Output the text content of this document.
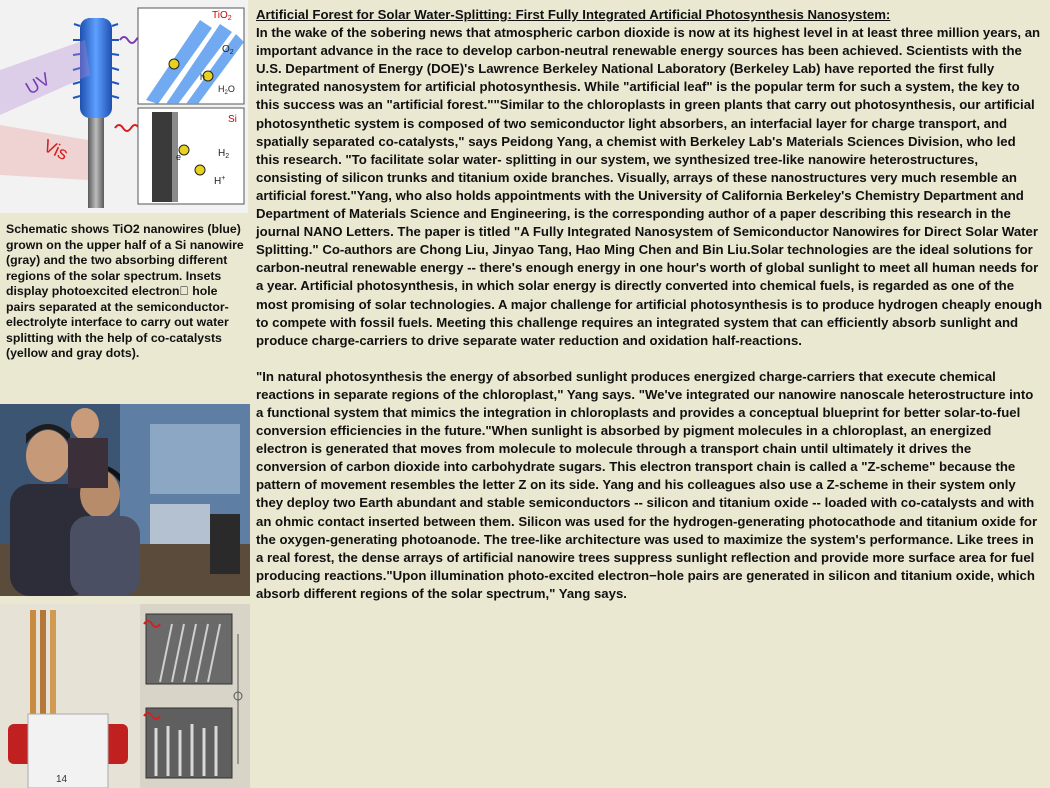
UV
Vis
TiO$_2$
$O_2$
$H_2O$
h
Si
$H_2$
H+
e
Schematic shows TiO2 nanowires (blue) grown on the upper half of a Si nanowire (gray) and the two absorbing different regions of the solar spectrum. Insets display photoexcited electron  hole pairs separated at the semiconductor-electrolyte interface to carry out water splitting with the help of co-catalysts (yellow and gray dots).
14

Artificial Forest for Solar Water-Splitting: First Fully Integrated Artificial Photosynthesis Nanosystem:
In the wake of the sobering news that atmospheric carbon dioxide is now at its highest level in at least three million years, an important advance in the race to develop carbon-neutral renewable energy sources has been achieved. Scientists with the U.S. Department of Energy (DOE)'s Lawrence Berkeley National Laboratory (Berkeley Lab) have reported the first fully integrated nanosystem for artificial photosynthesis. While "artificial leaf" is the popular term for such a system, the key to this success was an "artificial forest.""Similar to the chloroplasts in green plants that carry out photosynthesis, our artificial photosynthetic system is composed of two semiconductor light absorbers, an interfacial layer for charge transport, and spatially separated co-catalysts," says Peidong Yang, a chemist with Berkeley Lab's Materials Sciences Division, who led this research. "To facilitate solar water- splitting in our system, we synthesized tree-like nanowire heterostructures, consisting of silicon trunks and titanium oxide branches. Visually, arrays of these nanostructures very much resemble an artificial forest."Yang, who also holds appointments with the University of California Berkeley's Chemistry Department and Department of Materials Science and Engineering, is the corresponding author of a paper describing this research in the journal NANO Letters. The paper is titled "A Fully Integrated Nanosystem of Semiconductor Nanowires for Direct Solar Water Splitting." Co-authors are Chong Liu, Jinyao Tang, Hao Ming Chen and Bin Liu.Solar technologies are the ideal solutions for carbon-neutral renewable energy -- there's enough energy in one hour's worth of global sunlight to meet all human needs for a year. Artificial photosynthesis, in which solar energy is directly converted into chemical fuels, is regarded as one of the most promising of solar technologies. A major challenge for artificial photosynthesis is to produce hydrogen cheaply enough to compete with fossil fuels. Meeting this challenge requires an integrated system that can efficiently absorb sunlight and produce charge-carriers to drive separate water reduction and oxidation half-reactions.

"In natural photosynthesis the energy of absorbed sunlight produces energized charge-carriers that execute chemical reactions in separate regions of the chloroplast," Yang says. "We've integrated our nanowire nanoscale heterostructure into a functional system that mimics the integration in chloroplasts and provides a conceptual blueprint for better solar-to-fuel conversion efficiencies in the future."When sunlight is absorbed by pigment molecules in a chloroplast, an energized electron is generated that moves from molecule to molecule through a transport chain until ultimately it drives the conversion of carbon dioxide into carbohydrate sugars. This electron transport chain is called a "Z-scheme" because the pattern of movement resembles the letter Z on its side. Yang and his colleagues also use a Z-scheme in their system only they deploy two Earth abundant and stable semiconductors -- silicon and titanium oxide -- loaded with co-catalysts and with an ohmic contact inserted between them. Silicon was used for the hydrogen-generating photocathode and titanium oxide for the oxygen-generating photoanode. The tree-like architecture was used to maximize the system's performance. Like trees in a real forest, the dense arrays of artificial nanowire trees suppress sunlight reflection and provide more surface area for fuel producing reactions."Upon illumination photo-excited electron−hole pairs are generated in silicon and titanium oxide, which absorb different regions of the solar spectrum," Yang says.
